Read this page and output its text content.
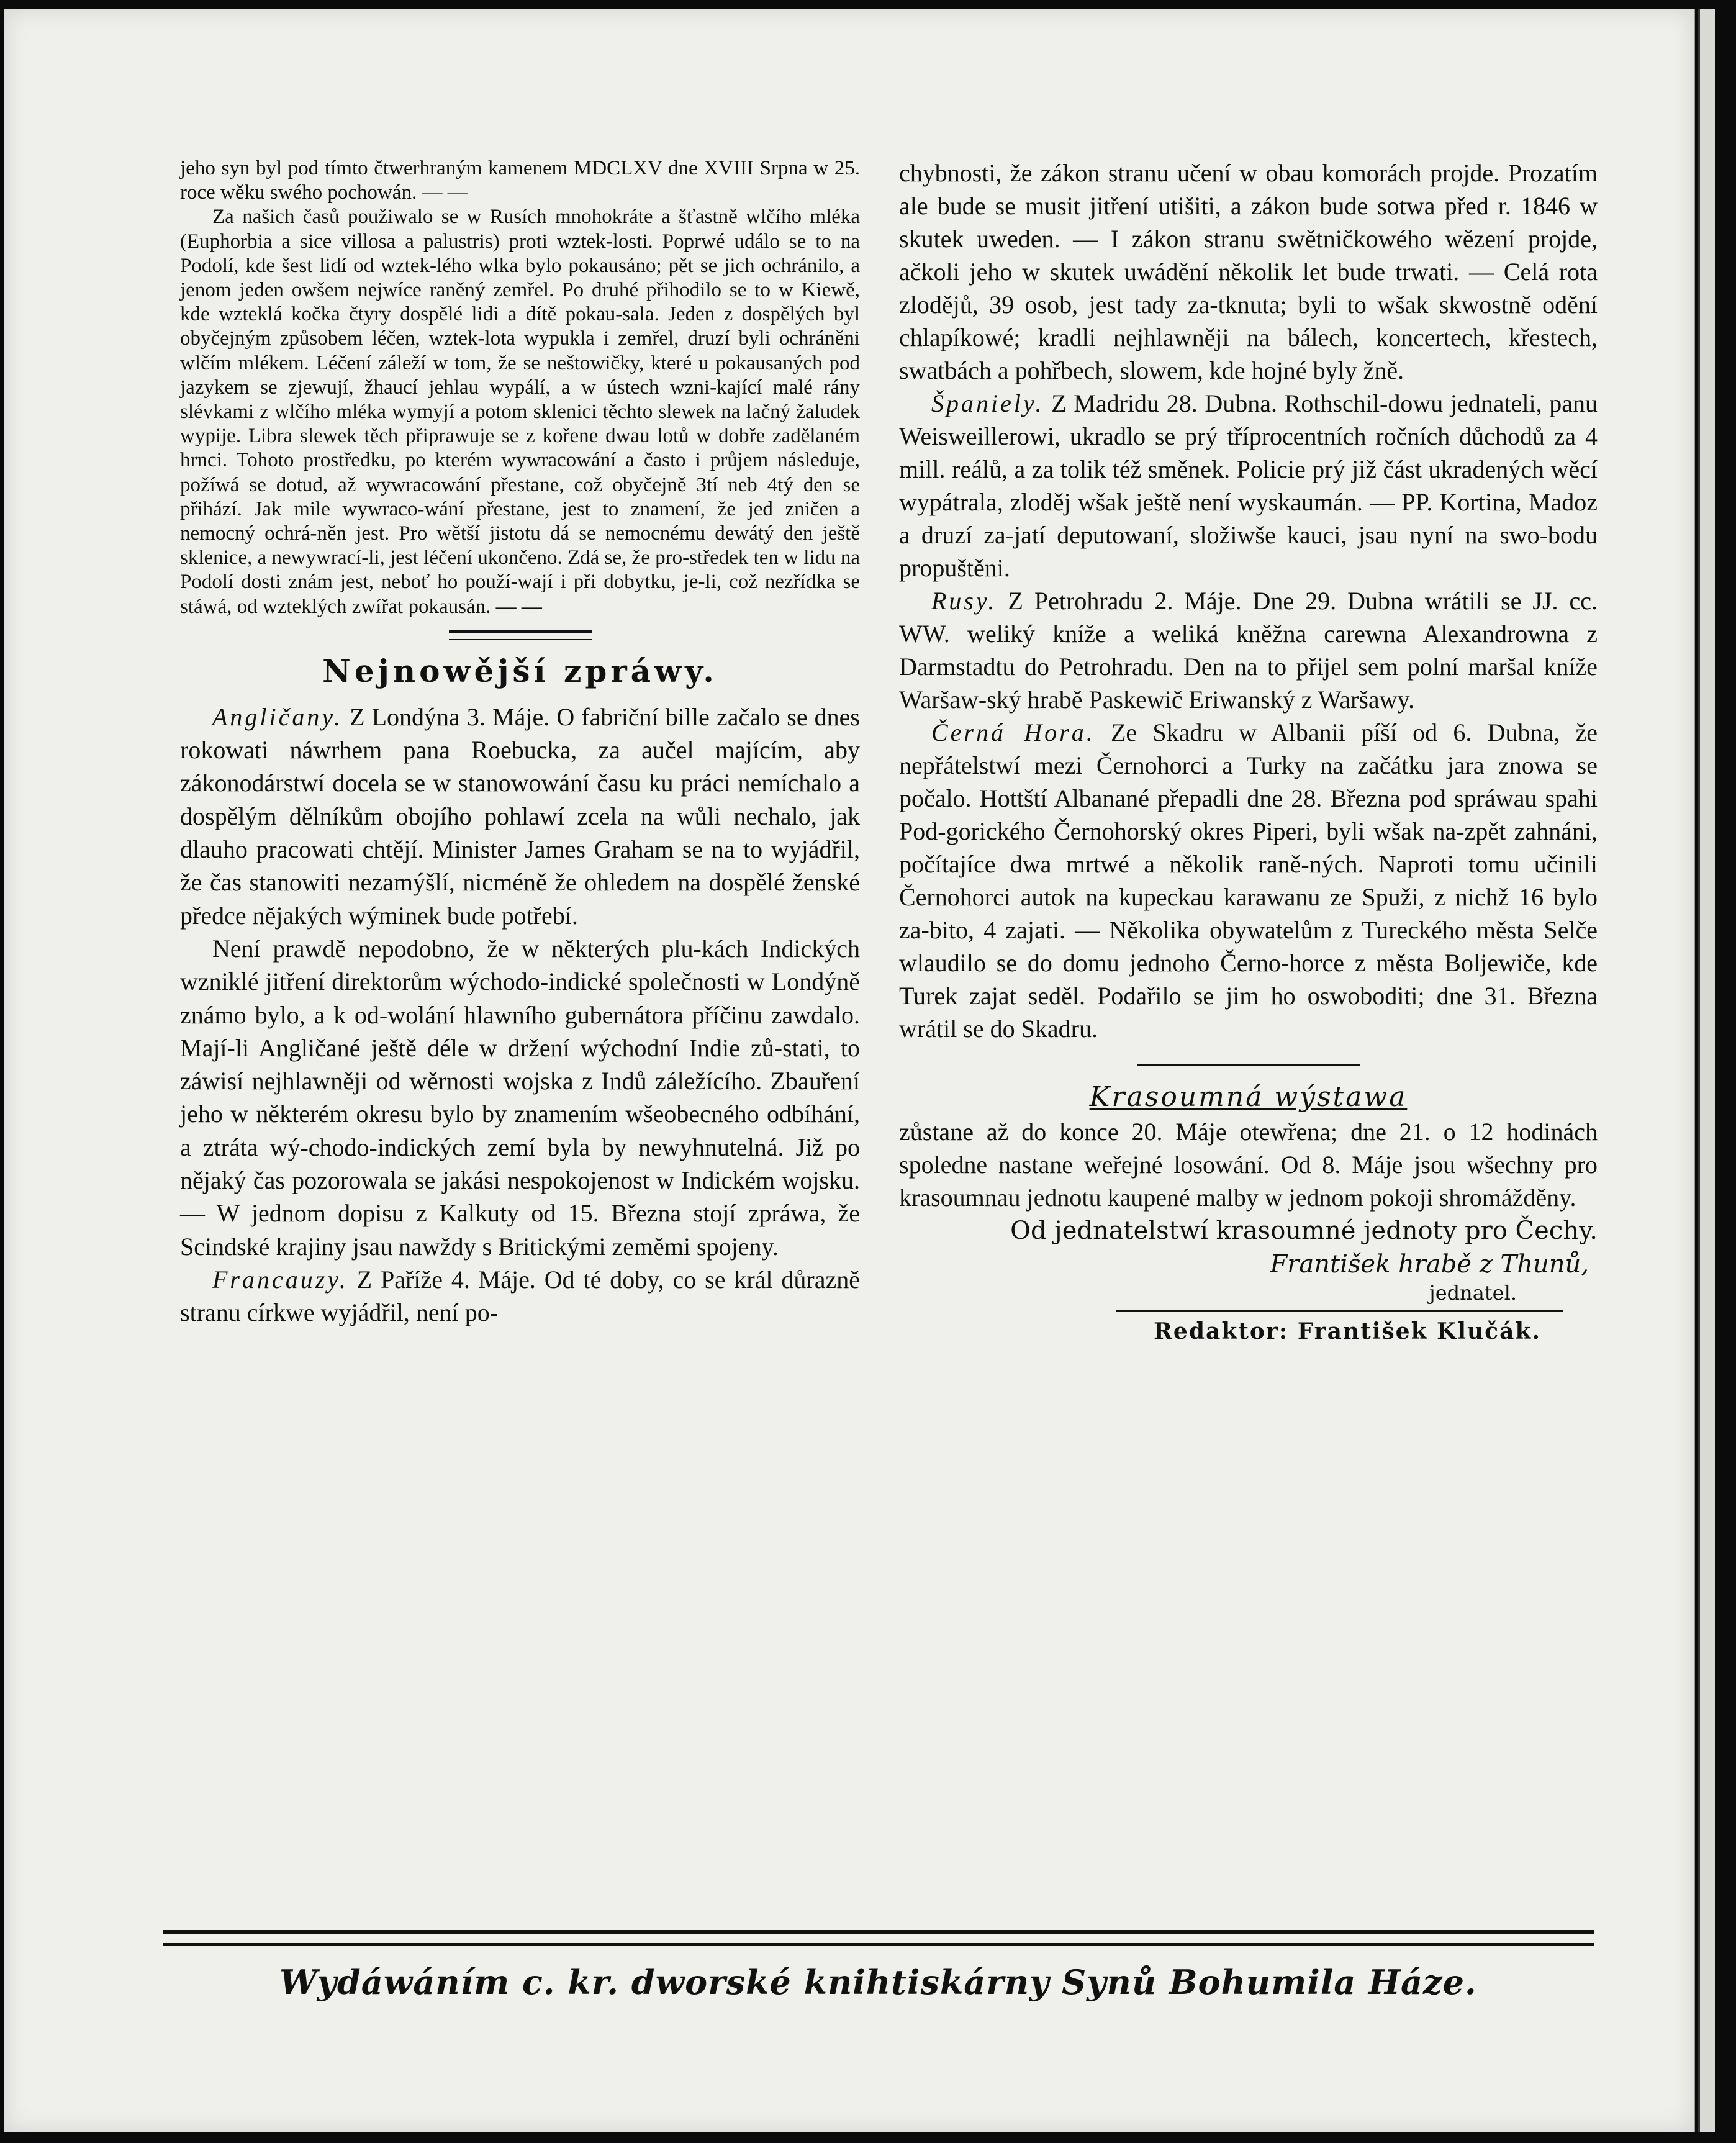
jeho syn byl pod tímto čtwerhraným kamenem MDCLXV dne XVIII Srpna w 25. roce wěku swého pochowán. — —

Za našich časů použiwalo se w Rusích mnohokráte a šťastně wlčího mléka (Euphorbia a sice villosa a palustris) proti wztek-losti. Poprwé událo se to na Podolí, kde šest lidí od wztek-lého wlka bylo pokausáno; pět se jich ochránilo, a jenom jeden owšem nejwíce raněný zemřel. Po druhé přihodilo se to w Kiewě, kde wzteklá kočka čtyry dospělé lidi a dítě pokau-sala. Jeden z dospělých byl obyčejným způsobem léčen, wztek-lota wypukla i zemřel, druzí byli ochráněni wlčím mlékem. Léčení záleží w tom, že se neštowičky, které u pokausaných pod jazykem se zjewují, žhaucí jehlau wypálí, a w ústech wzni-kající malé rány slévkami z wlčího mléka wymyjí a potom sklenici těchto slewek na lačný žaludek wypije. Libra slewek těch připrawuje se z kořene dwau lotů w dobře zadělaném hrnci. Tohoto prostředku, po kterém wywracowání a často i průjem následuje, požíwá se dotud, až wywracowání přestane, což obyčejně 3tí neb 4tý den se přihází. Jak mile wywraco-wání přestane, jest to znamení, že jed zničen a nemocný ochrá-něn jest. Pro wětší jistotu dá se nemocnému dewátý den ještě sklenice, a newywrací-li, jest léčení ukončeno. Zdá se, že pro-středek ten w lidu na Podolí dosti znám jest, neboť ho použí-wají i při dobytku, je-li, což nezřídka se stáwá, od wzteklých zwířat pokausán. — —

Nejnowější zpráwy.

Angličany. Z Londýna 3. Máje. O fabriční bille začalo se dnes rokowati náwrhem pana Roebucka, za aučel majícím, aby zákonodárstwí docela se w stanowowání času ku práci nemíchalo a dospělým dělníkům obojího pohlawí zcela na wůli nechalo, jak dlauho pracowati chtějí. Minister James Graham se na to wyjádřil, že čas stanowiti nezamýšlí, nicméně že ohledem na dospělé ženské předce nějakých wýminek bude potřebí.

Není prawdě nepodobno, že w některých plu-kách Indických wzniklé jitření direktorům wýchodo-indické společnosti w Londýně známo bylo, a k od-wolání hlawního gubernátora příčinu zawdalo. Mají-li Angličané ještě déle w držení wýchodní Indie zů-stati, to záwisí nejhlawněji od wěrnosti wojska z Indů záležícího. Zbauření jeho w některém okresu bylo by znamením wšeobecného odbíhání, a ztráta wý-chodo-indických zemí byla by newyhnutelná. Již po nějaký čas pozorowala se jakási nespokojenost w Indickém wojsku. — W jednom dopisu z Kalkuty od 15. Března stojí zpráwa, že Scindské krajiny jsau nawždy s Britickými zeměmi spojeny.

Francauzy. Z Paříže 4. Máje. Od té doby, co se král důrazně stranu církwe wyjádřil, není po-

chybnosti, že zákon stranu učení w obau komorách projde. Prozatím ale bude se musit jitření utišiti, a zákon bude sotwa před r. 1846 w skutek uweden. — I zákon stranu swětničkowého wězení projde, ačkoli jeho w skutek uwádění několik let bude trwati. — Celá rota zlodějů, 39 osob, jest tady za-tknuta; byli to wšak skwostně odění chlapíkowé; kradli nejhlawněji na bálech, koncertech, křestech, swatbách a pohřbech, slowem, kde hojné byly žně.

Španiely. Z Madridu 28. Dubna. Rothschil-dowu jednateli, panu Weisweillerowi, ukradlo se prý tříprocentních ročních důchodů za 4 mill. reálů, a za tolik též směnek. Policie prý již část ukradených wěcí wypátrala, zloděj wšak ještě není wyskaumán. — PP. Kortina, Madoz a druzí za-jatí deputowaní, složiwše kauci, jsau nyní na swo-bodu propuštěni.

Rusy. Z Petrohradu 2. Máje. Dne 29. Dubna wrátili se JJ. cc. WW. weliký kníže a weliká kněžna carewna Alexandrowna z Darmstadtu do Petrohradu. Den na to přijel sem polní maršal kníže Waršaw-ský hrabě Paskewič Eriwanský z Waršawy.

Černá Hora. Ze Skadru w Albanii píší od 6. Dubna, že nepřátelstwí mezi Černohorci a Turky na začátku jara znowa se počalo. Hottští Albanané přepadli dne 28. Března pod spráwau spahi Pod-gorického Černohorský okres Piperi, byli wšak na-zpět zahnáni, počítajíce dwa mrtwé a několik raně-ných. Naproti tomu učinili Černohorci autok na kupeckau karawanu ze Spuži, z nichž 16 bylo za-bito, 4 zajati. — Několika obywatelům z Tureckého města Selče wlaudilo se do domu jednoho Černo-horce z města Boljewiče, kde Turek zajat seděl. Podařilo se jim ho oswoboditi; dne 31. Března wrátil se do Skadru.

Krasoumná wýstawa

zůstane až do konce 20. Máje otewřena; dne 21. o 12 hodinách spoledne nastane weřejné losowání. Od 8. Máje jsou wšechny pro krasoumnau jednotu kaupené malby w jednom pokoji shromážděny.

Od jednatelstwí krasoumné jednoty pro Čechy.

František hrabě z Thunů,

jednatel.

Redaktor: František Klučák.

Wydáwáním c. kr. dworské knihtiskárny Synů Bohumila Háze.
